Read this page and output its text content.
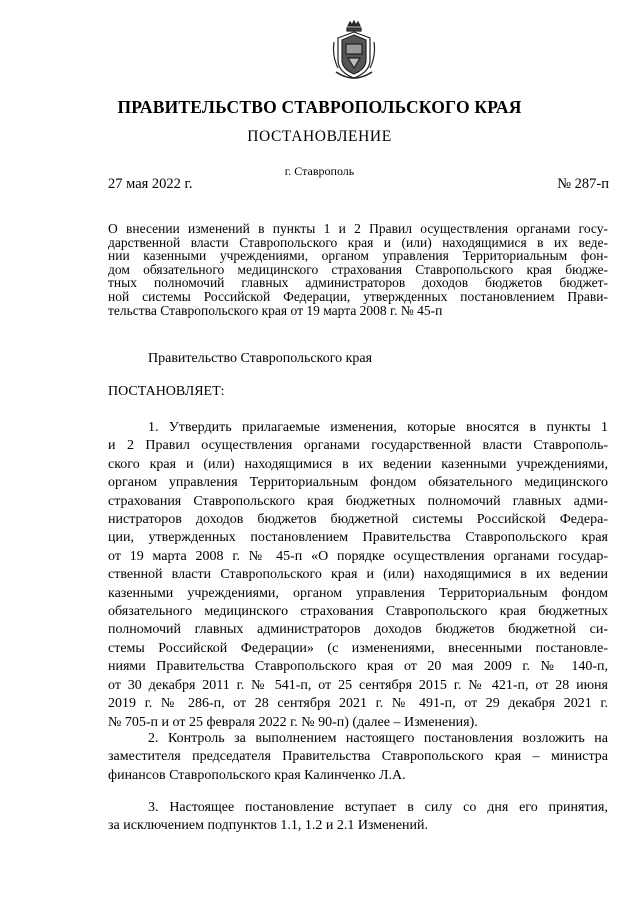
ПРАВИТЕЛЬСТВО СТАВРОПОЛЬСКОГО КРАЯ
ПОСТАНОВЛЕНИЕ
г. Ставрополь
27 мая 2022 г.	№ 287-п
О внесении изменений в пункты 1 и 2 Правил осуществления органами госу-
дарственной власти Ставропольского края и (или) находящимися в их веде-
нии казенными учреждениями, органом управления Территориальным фон-
дом обязательного медицинского страхования Ставропольского края бюдже-
тных полномочий главных администраторов доходов бюджетов бюджет-
ной системы Российской Федерации, утвержденных постановлением Прави-
тельства Ставропольского края от 19 марта 2008 г. № 45-п
Правительство Ставропольского края
ПОСТАНОВЛЯЕТ:
1. Утвердить прилагаемые изменения, которые вносятся в пункты 1
и 2 Правил осуществления органами государственной власти Ставрополь-
ского края и (или) находящимися в их ведении казенными учреждениями,
органом управления Территориальным фондом обязательного медицинского
страхования Ставропольского края бюджетных полномочий главных адми-
нистраторов доходов бюджетов бюджетной системы Российской Федера-
ции, утвержденных постановлением Правительства Ставропольского края
от 19 марта 2008 г. № 45-п «О порядке осуществления органами государ-
ственной власти Ставропольского края и (или) находящимися в их ведении
казенными учреждениями, органом управления Территориальным фондом
обязательного медицинского страхования Ставропольского края бюджетных
полномочий главных администраторов доходов бюджетов бюджетной си-
стемы Российской Федерации» (с изменениями, внесенными постановле-
ниями Правительства Ставропольского края от 20 мая 2009 г. № 140-п,
от 30 декабря 2011 г. № 541-п, от 25 сентября 2015 г. № 421-п, от 28 июня
2019 г. № 286-п, от 28 сентября 2021 г. № 491-п, от 29 декабря 2021 г.
№ 705-п и от 25 февраля 2022 г. № 90-п) (далее – Изменения).
2. Контроль за выполнением настоящего постановления возложить на
заместителя председателя Правительства Ставропольского края – министра
финансов Ставропольского края Калинченко Л.А.
3. Настоящее постановление вступает в силу со дня его принятия,
за исключением подпунктов 1.1, 1.2 и 2.1 Изменений.
